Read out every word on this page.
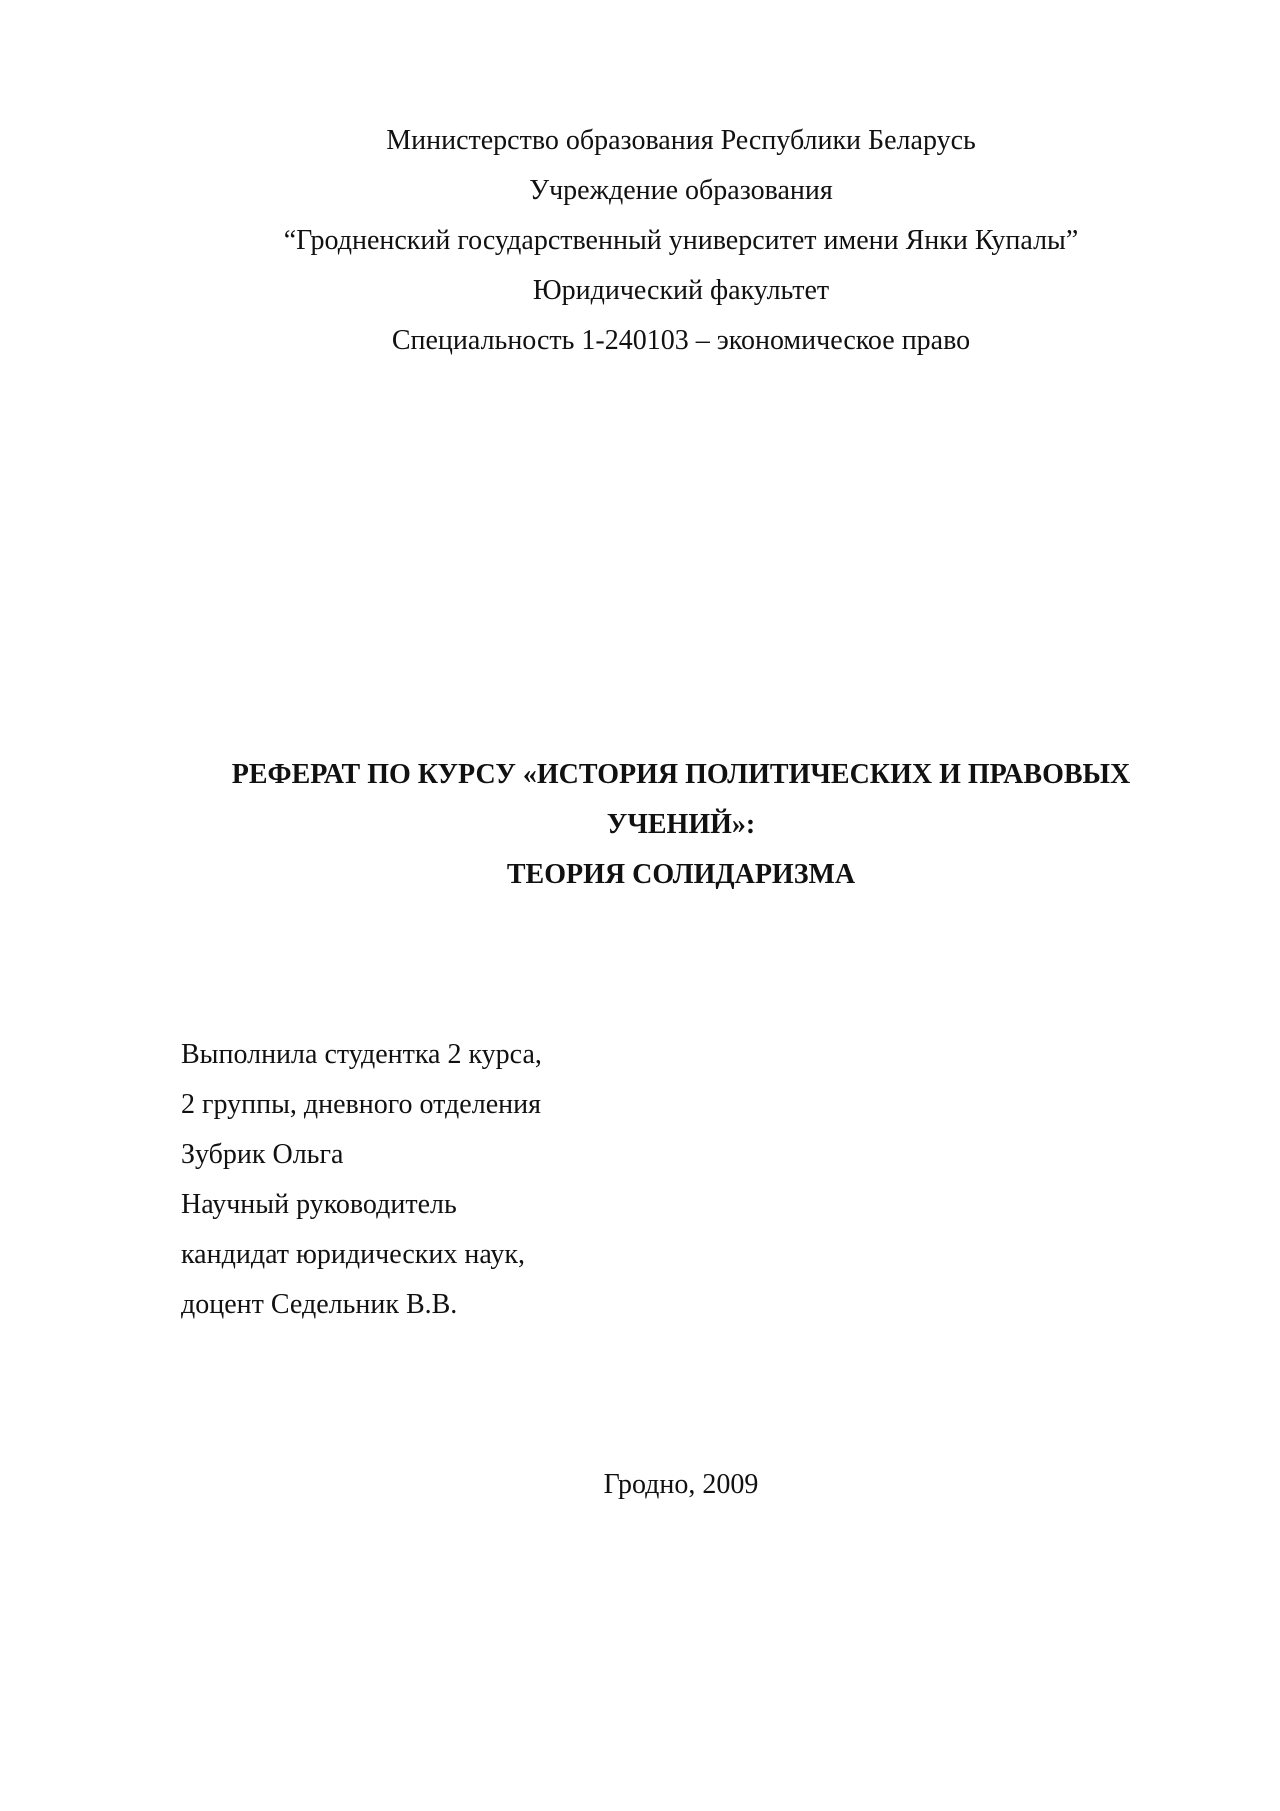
Министерство образования Республики Беларусь
Учреждение образования
“Гродненский государственный университет имени Янки Купалы”
Юридический факультет
Специальность 1-240103 – экономическое право
РЕФЕРАТ ПО КУРСУ «ИСТОРИЯ ПОЛИТИЧЕСКИХ И ПРАВОВЫХ
УЧЕНИЙ»:
ТЕОРИЯ СОЛИДАРИЗМА
Выполнила студентка 2 курса,
2 группы, дневного отделения
Зубрик Ольга
Научный руководитель
кандидат юридических наук,
доцент Седельник В.В.
Гродно, 2009
